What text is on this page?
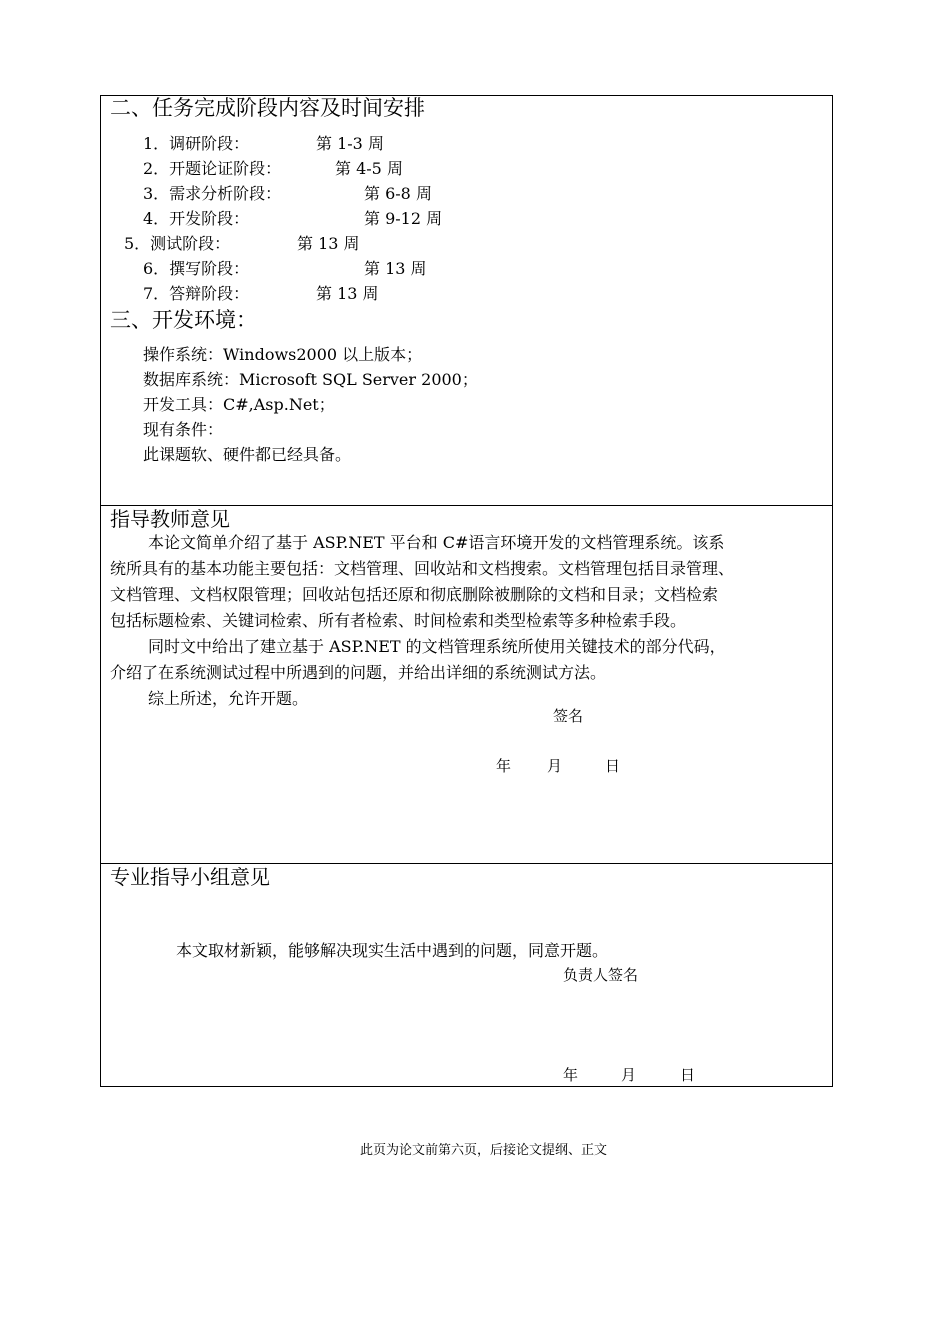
二、任务完成阶段内容及时间安排
1．调研阶段：	第 1-3 周
2．开题论证阶段：	第 4-5 周
3．需求分析阶段：	第 6-8 周
4．开发阶段：	第 9-12 周
5．测试阶段：	第 13 周
6．撰写阶段：	第 13 周
7．答辩阶段：	第 13 周
三、开发环境：
操作系统：Windows2000 以上版本；
数据库系统：Microsoft SQL Server 2000；
开发工具：C#,Asp.Net；
现有条件：
此课题软、硬件都已经具备。
指导教师意见
本论文简单介绍了基于 ASP.NET 平台和 C#语言环境开发的文档管理系统。该系
统所具有的基本功能主要包括：文档管理、回收站和文档搜索。文档管理包括目录管理、
文档管理、文档权限管理；回收站包括还原和彻底删除被删除的文档和目录；文档检索
包括标题检索、关键词检索、所有者检索、时间检索和类型检索等多种检索手段。
同时文中给出了建立基于 ASP.NET 的文档管理系统所使用关键技术的部分代码，
介绍了在系统测试过程中所遇到的问题，并给出详细的系统测试方法。
综上所述，允许开题。
签名
年 月	日
专业指导小组意见
本文取材新颖，能够解决现实生活中遇到的问题，同意开题。
负责人签名
年	月	日
此页为论文前第六页，后接论文提纲、正文
